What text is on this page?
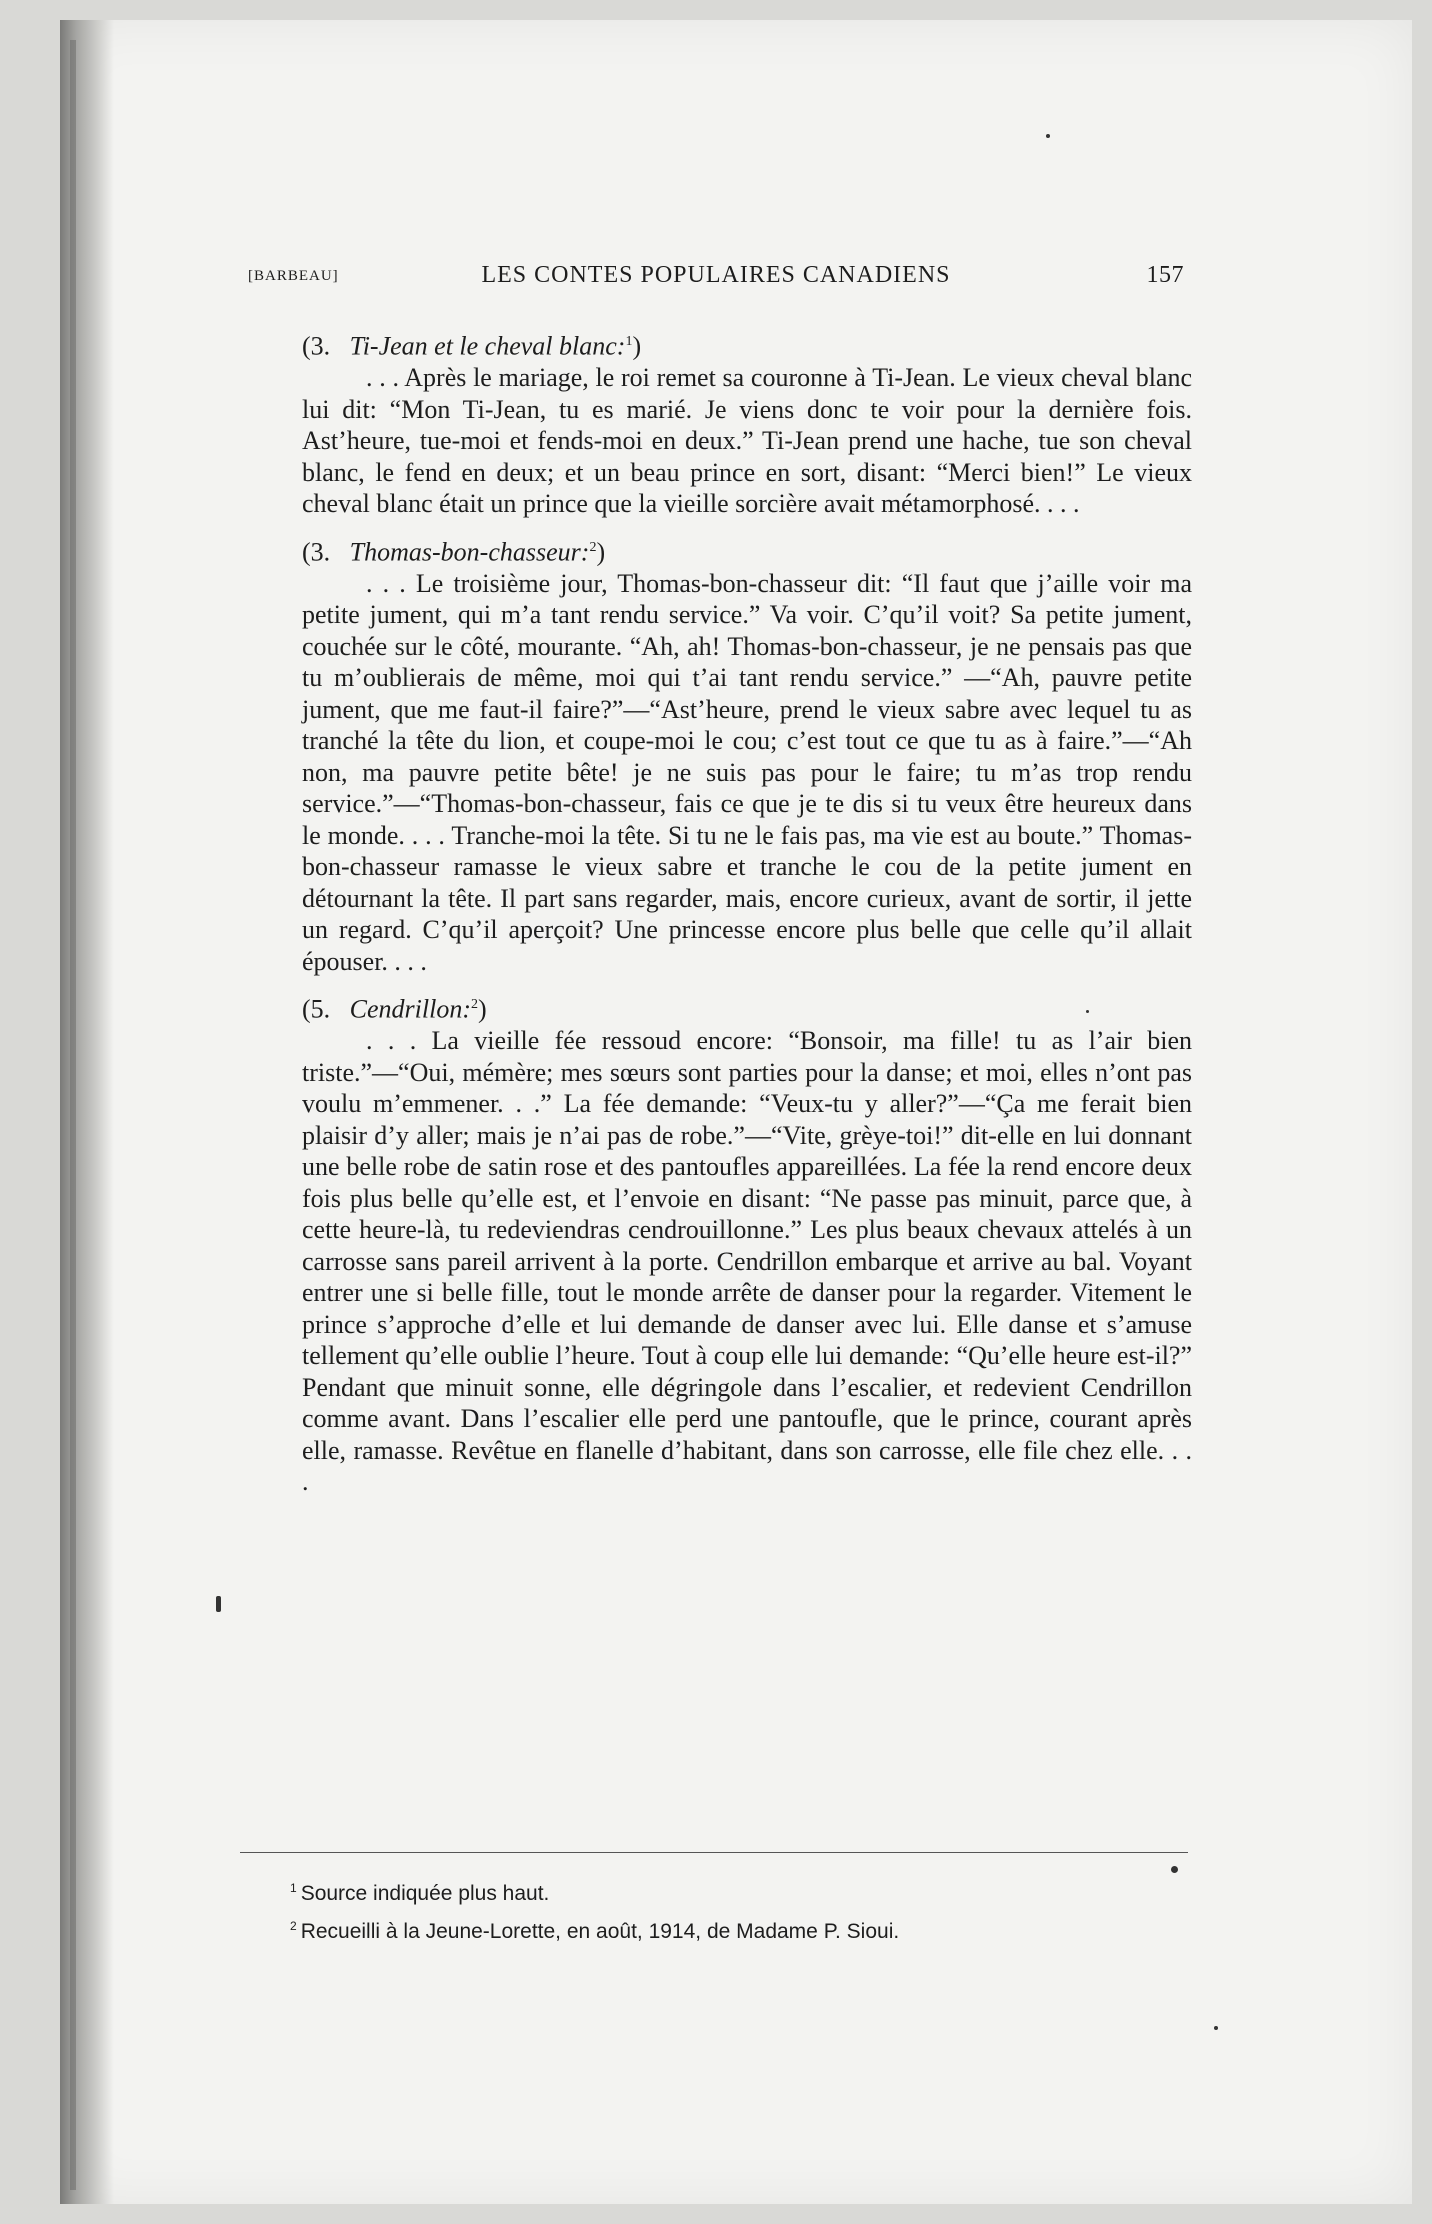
[BARBEAU]	LES CONTES POPULAIRES CANADIENS	157

(3. Ti-Jean et le cheval blanc:$^1$)

. . . Après le mariage, le roi remet sa couronne à Ti-Jean. Le vieux cheval blanc lui dit: “Mon Ti-Jean, tu es marié. Je viens donc te voir pour la dernière fois. Ast’heure, tue-moi et fends-moi en deux.” Ti-Jean prend une hache, tue son cheval blanc, le fend en deux; et un beau prince en sort, disant: “Merci bien!” Le vieux cheval blanc était un prince que la vieille sorcière avait métamorphosé. . . .

(3. Thomas-bon-chasseur:$^2$)

. . . Le troisième jour, Thomas-bon-chasseur dit: “Il faut que j’aille voir ma petite jument, qui m’a tant rendu service.” Va voir. C’qu’il voit? Sa petite jument, couchée sur le côté, mourante. “Ah, ah! Thomas-bon-chasseur, je ne pensais pas que tu m’oublierais de même, moi qui t’ai tant rendu service.” —“Ah, pauvre petite jument, que me faut-il faire?”—“Ast’heure, prend le vieux sabre avec lequel tu as tranché la tête du lion, et coupe-moi le cou; c’est tout ce que tu as à faire.”—“Ah non, ma pauvre petite bête! je ne suis pas pour le faire; tu m’as trop rendu service.”—“Thomas-bon-chasseur, fais ce que je te dis si tu veux être heureux dans le monde. . . . Tranche-moi la tête. Si tu ne le fais pas, ma vie est au boute.” Thomas-bon-chasseur ramasse le vieux sabre et tranche le cou de la petite jument en détournant la tête. Il part sans regarder, mais, encore curieux, avant de sortir, il jette un regard. C’qu’il aperçoit? Une princesse encore plus belle que celle qu’il allait épouser. . . .

(5. Cendrillon:$^2$)

. . . La vieille fée ressoud encore: “Bonsoir, ma fille! tu as l’air bien triste.”—“Oui, mémère; mes sœurs sont parties pour la danse; et moi, elles n’ont pas voulu m’emmener. . .” La fée demande: “Veux-tu y aller?”—“Ça me ferait bien plaisir d’y aller; mais je n’ai pas de robe.”—“Vite, grèye-toi!” dit-elle en lui donnant une belle robe de satin rose et des pantoufles appareillées. La fée la rend encore deux fois plus belle qu’elle est, et l’envoie en disant: “Ne passe pas minuit, parce que, à cette heure-là, tu redeviendras cendrouillonne.” Les plus beaux chevaux attelés à un carrosse sans pareil arrivent à la porte. Cendrillon embarque et arrive au bal. Voyant entrer une si belle fille, tout le monde arrête de danser pour la regarder. Vitement le prince s’approche d’elle et lui demande de danser avec lui. Elle danse et s’amuse tellement qu’elle oublie l’heure. Tout à coup elle lui demande: “Qu’elle heure est-il?” Pendant que minuit sonne, elle dégringole dans l’escalier, et redevient Cendrillon comme avant. Dans l’escalier elle perd une pantoufle, que le prince, courant après elle, ramasse. Revêtue en flanelle d’habitant, dans son carrosse, elle file chez elle. . . .

$^1$ Source indiquée plus haut.

$^2$ Recueilli à la Jeune-Lorette, en août, 1914, de Madame P. Sioui.
